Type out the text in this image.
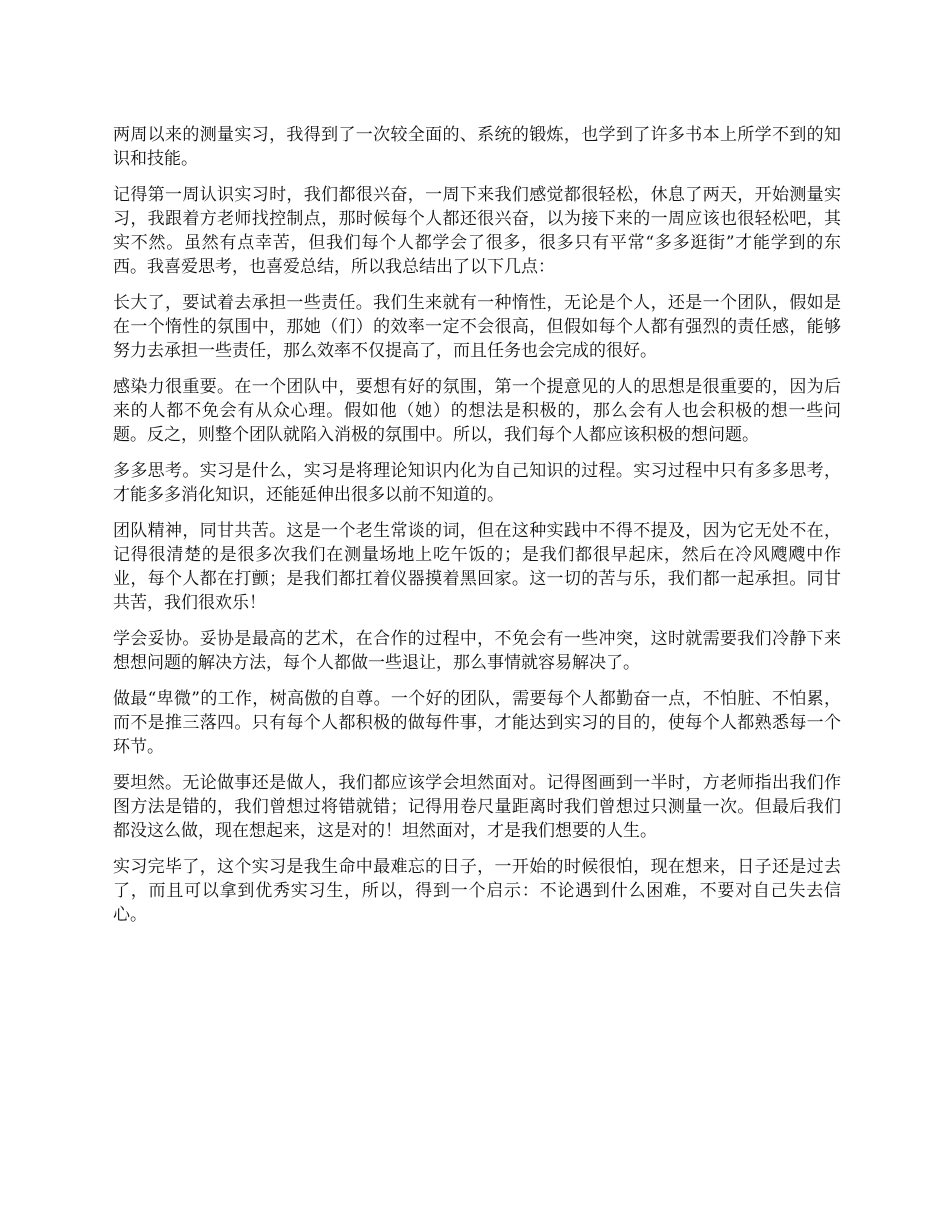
两周以来的测量实习，我得到了一次较全面的、系统的锻炼，也学到了许多书本上所学不到的知识和技能。

记得第一周认识实习时，我们都很兴奋，一周下来我们感觉都很轻松，休息了两天，开始测量实习，我跟着方老师找控制点，那时候每个人都还很兴奋，以为接下来的一周应该也很轻松吧，其实不然。虽然有点幸苦，但我们每个人都学会了很多，很多只有平常“多多逛街”才能学到的东西。我喜爱思考，也喜爱总结，所以我总结出了以下几点：

长大了，要试着去承担一些责任。我们生来就有一种惰性，无论是个人，还是一个团队，假如是在一个惰性的氛围中，那她（们）的效率一定不会很高，但假如每个人都有强烈的责任感，能够努力去承担一些责任，那么效率不仅提高了，而且任务也会完成的很好。

感染力很重要。在一个团队中，要想有好的氛围，第一个提意见的人的思想是很重要的，因为后来的人都不免会有从众心理。假如他（她）的想法是积极的，那么会有人也会积极的想一些问题。反之，则整个团队就陷入消极的氛围中。所以，我们每个人都应该积极的想问题。

多多思考。实习是什么，实习是将理论知识内化为自己知识的过程。实习过程中只有多多思考，才能多多消化知识，还能延伸出很多以前不知道的。

团队精神，同甘共苦。这是一个老生常谈的词，但在这种实践中不得不提及，因为它无处不在，记得很清楚的是很多次我们在测量场地上吃午饭的；是我们都很早起床，然后在冷风飕飕中作业，每个人都在打颤；是我们都扛着仪器摸着黑回家。这一切的苦与乐，我们都一起承担。同甘共苦，我们很欢乐！

学会妥协。妥协是最高的艺术，在合作的过程中，不免会有一些冲突，这时就需要我们冷静下来想想问题的解决方法，每个人都做一些退让，那么事情就容易解决了。

做最“卑微”的工作，树高傲的自尊。一个好的团队，需要每个人都勤奋一点，不怕脏、不怕累，而不是推三落四。只有每个人都积极的做每件事，才能达到实习的目的，使每个人都熟悉每一个环节。

要坦然。无论做事还是做人，我们都应该学会坦然面对。记得图画到一半时，方老师指出我们作图方法是错的，我们曾想过将错就错；记得用卷尺量距离时我们曾想过只测量一次。但最后我们都没这么做，现在想起来，这是对的！坦然面对，才是我们想要的人生。

实习完毕了，这个实习是我生命中最难忘的日子，一开始的时候很怕，现在想来，日子还是过去了，而且可以拿到优秀实习生，所以，得到一个启示：不论遇到什么困难，不要对自己失去信心。
